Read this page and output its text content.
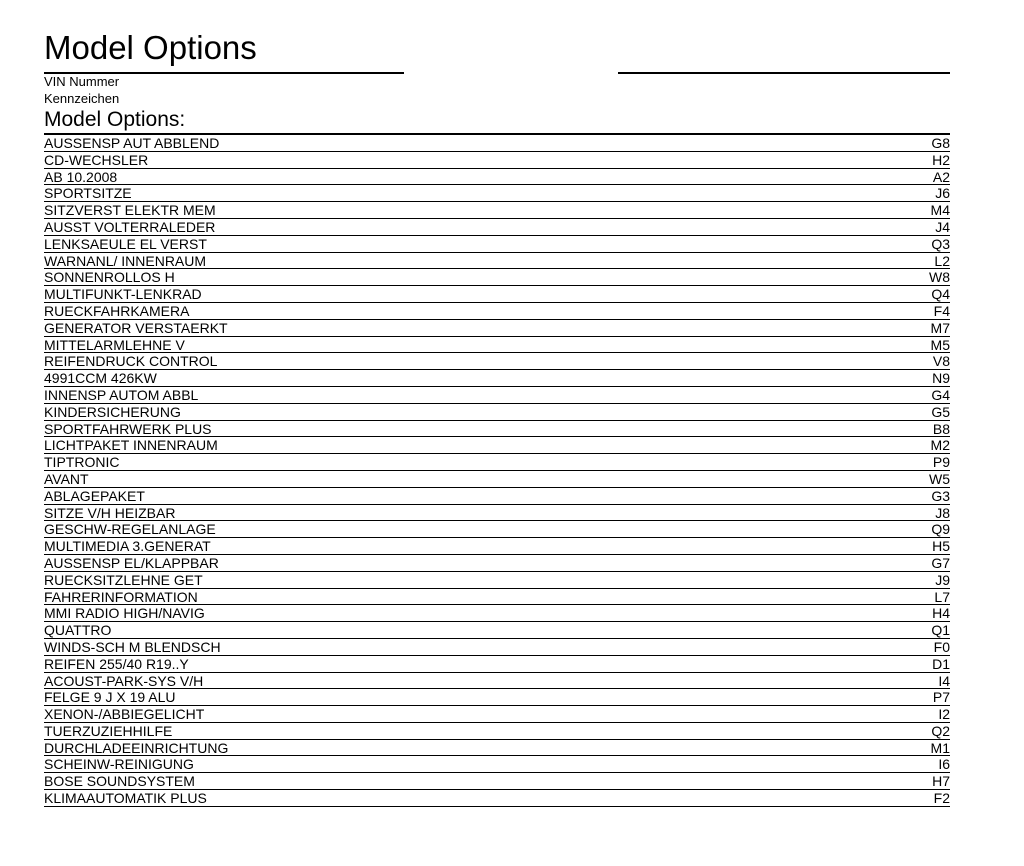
Model Options
VIN Nummer
Kennzeichen
Model Options:
AUSSENSP AUT ABBLEND	G8
CD-WECHSLER	H2
AB 10.2008	A2
SPORTSITZE	J6
SITZVERST ELEKTR MEM	M4
AUSST VOLTERRALEDER	J4
LENKSAEULE EL VERST	Q3
WARNANL/ INNENRAUM	L2
SONNENROLLOS H	W8
MULTIFUNKT-LENKRAD	Q4
RUECKFAHRKAMERA	F4
GENERATOR VERSTAERKT	M7
MITTELARMLEHNE V	M5
REIFENDRUCK CONTROL	V8
4991CCM 426KW	N9
INNENSP AUTOM ABBL	G4
KINDERSICHERUNG	G5
SPORTFAHRWERK PLUS	B8
LICHTPAKET INNENRAUM	M2
TIPTRONIC	P9
AVANT	W5
ABLAGEPAKET	G3
SITZE V/H HEIZBAR	J8
GESCHW-REGELANLAGE	Q9
MULTIMEDIA 3.GENERAT	H5
AUSSENSP EL/KLAPPBAR	G7
RUECKSITZLEHNE GET	J9
FAHRERINFORMATION	L7
MMI RADIO HIGH/NAVIG	H4
QUATTRO	Q1
WINDS-SCH M BLENDSCH	F0
REIFEN 255/40 R19..Y	D1
ACOUST-PARK-SYS V/H	I4
FELGE 9 J X 19 ALU	P7
XENON-/ABBIEGELICHT	I2
TUERZUZIEHHILFE	Q2
DURCHLADEEINRICHTUNG	M1
SCHEINW-REINIGUNG	I6
BOSE SOUNDSYSTEM	H7
KLIMAAUTOMATIK PLUS	F2
